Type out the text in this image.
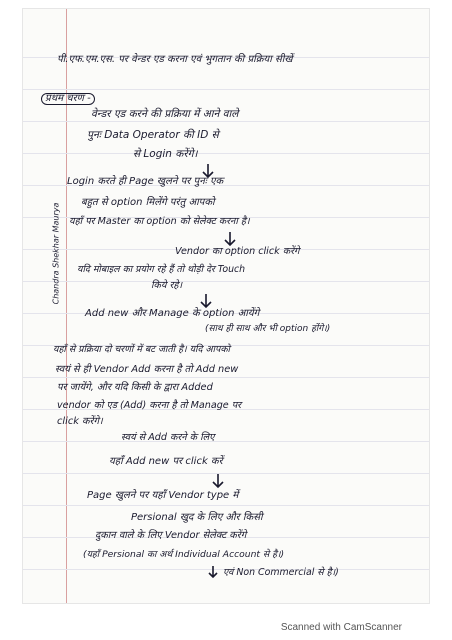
Chandra Shekhar Maurya
पी.एफ.एम.एस. पर वेन्डर एड करना एवं भुगतान की प्रक्रिया सीखें
प्रथम चरण -
वेन्डर एड करने की प्रक्रिया में आने वाले
पुनः Data Operator की ID से
से Login करेंगे।
Login करते ही Page खुलने पर पुनः एक
बहुत से option मिलेंगे परंतु आपको
यहाँ पर Master का option को सेलेक्ट करना है।
Vendor का option click करेंगे
यदि मोबाइल का प्रयोग रहे हैं तो थोड़ी देर Touch
किये रहे।
Add new और Manage के option आयेंगे
(साथ ही साथ और भी option होंगे।)
यहाँ से प्रक्रिया दो चरणों में बट जाती है। यदि आपको
स्वयं से ही Vendor Add करना है तो Add new
पर जायेंगे, और यदि किसी के द्वारा Added
vendor को एड (Add) करना है तो Manage पर
click करेंगे।
स्वयं से Add करने के लिए
यहाँ Add new पर click करें
Page खुलने पर यहाँ Vendor type में
Persional खुद के लिए और किसी
दुकान वाले के लिए Vendor सेलेक्ट करेंगे
(यहाँ Persional का अर्थ Individual Account से है।)
एवं Non Commercial से है।)
Scanned with CamScanner
